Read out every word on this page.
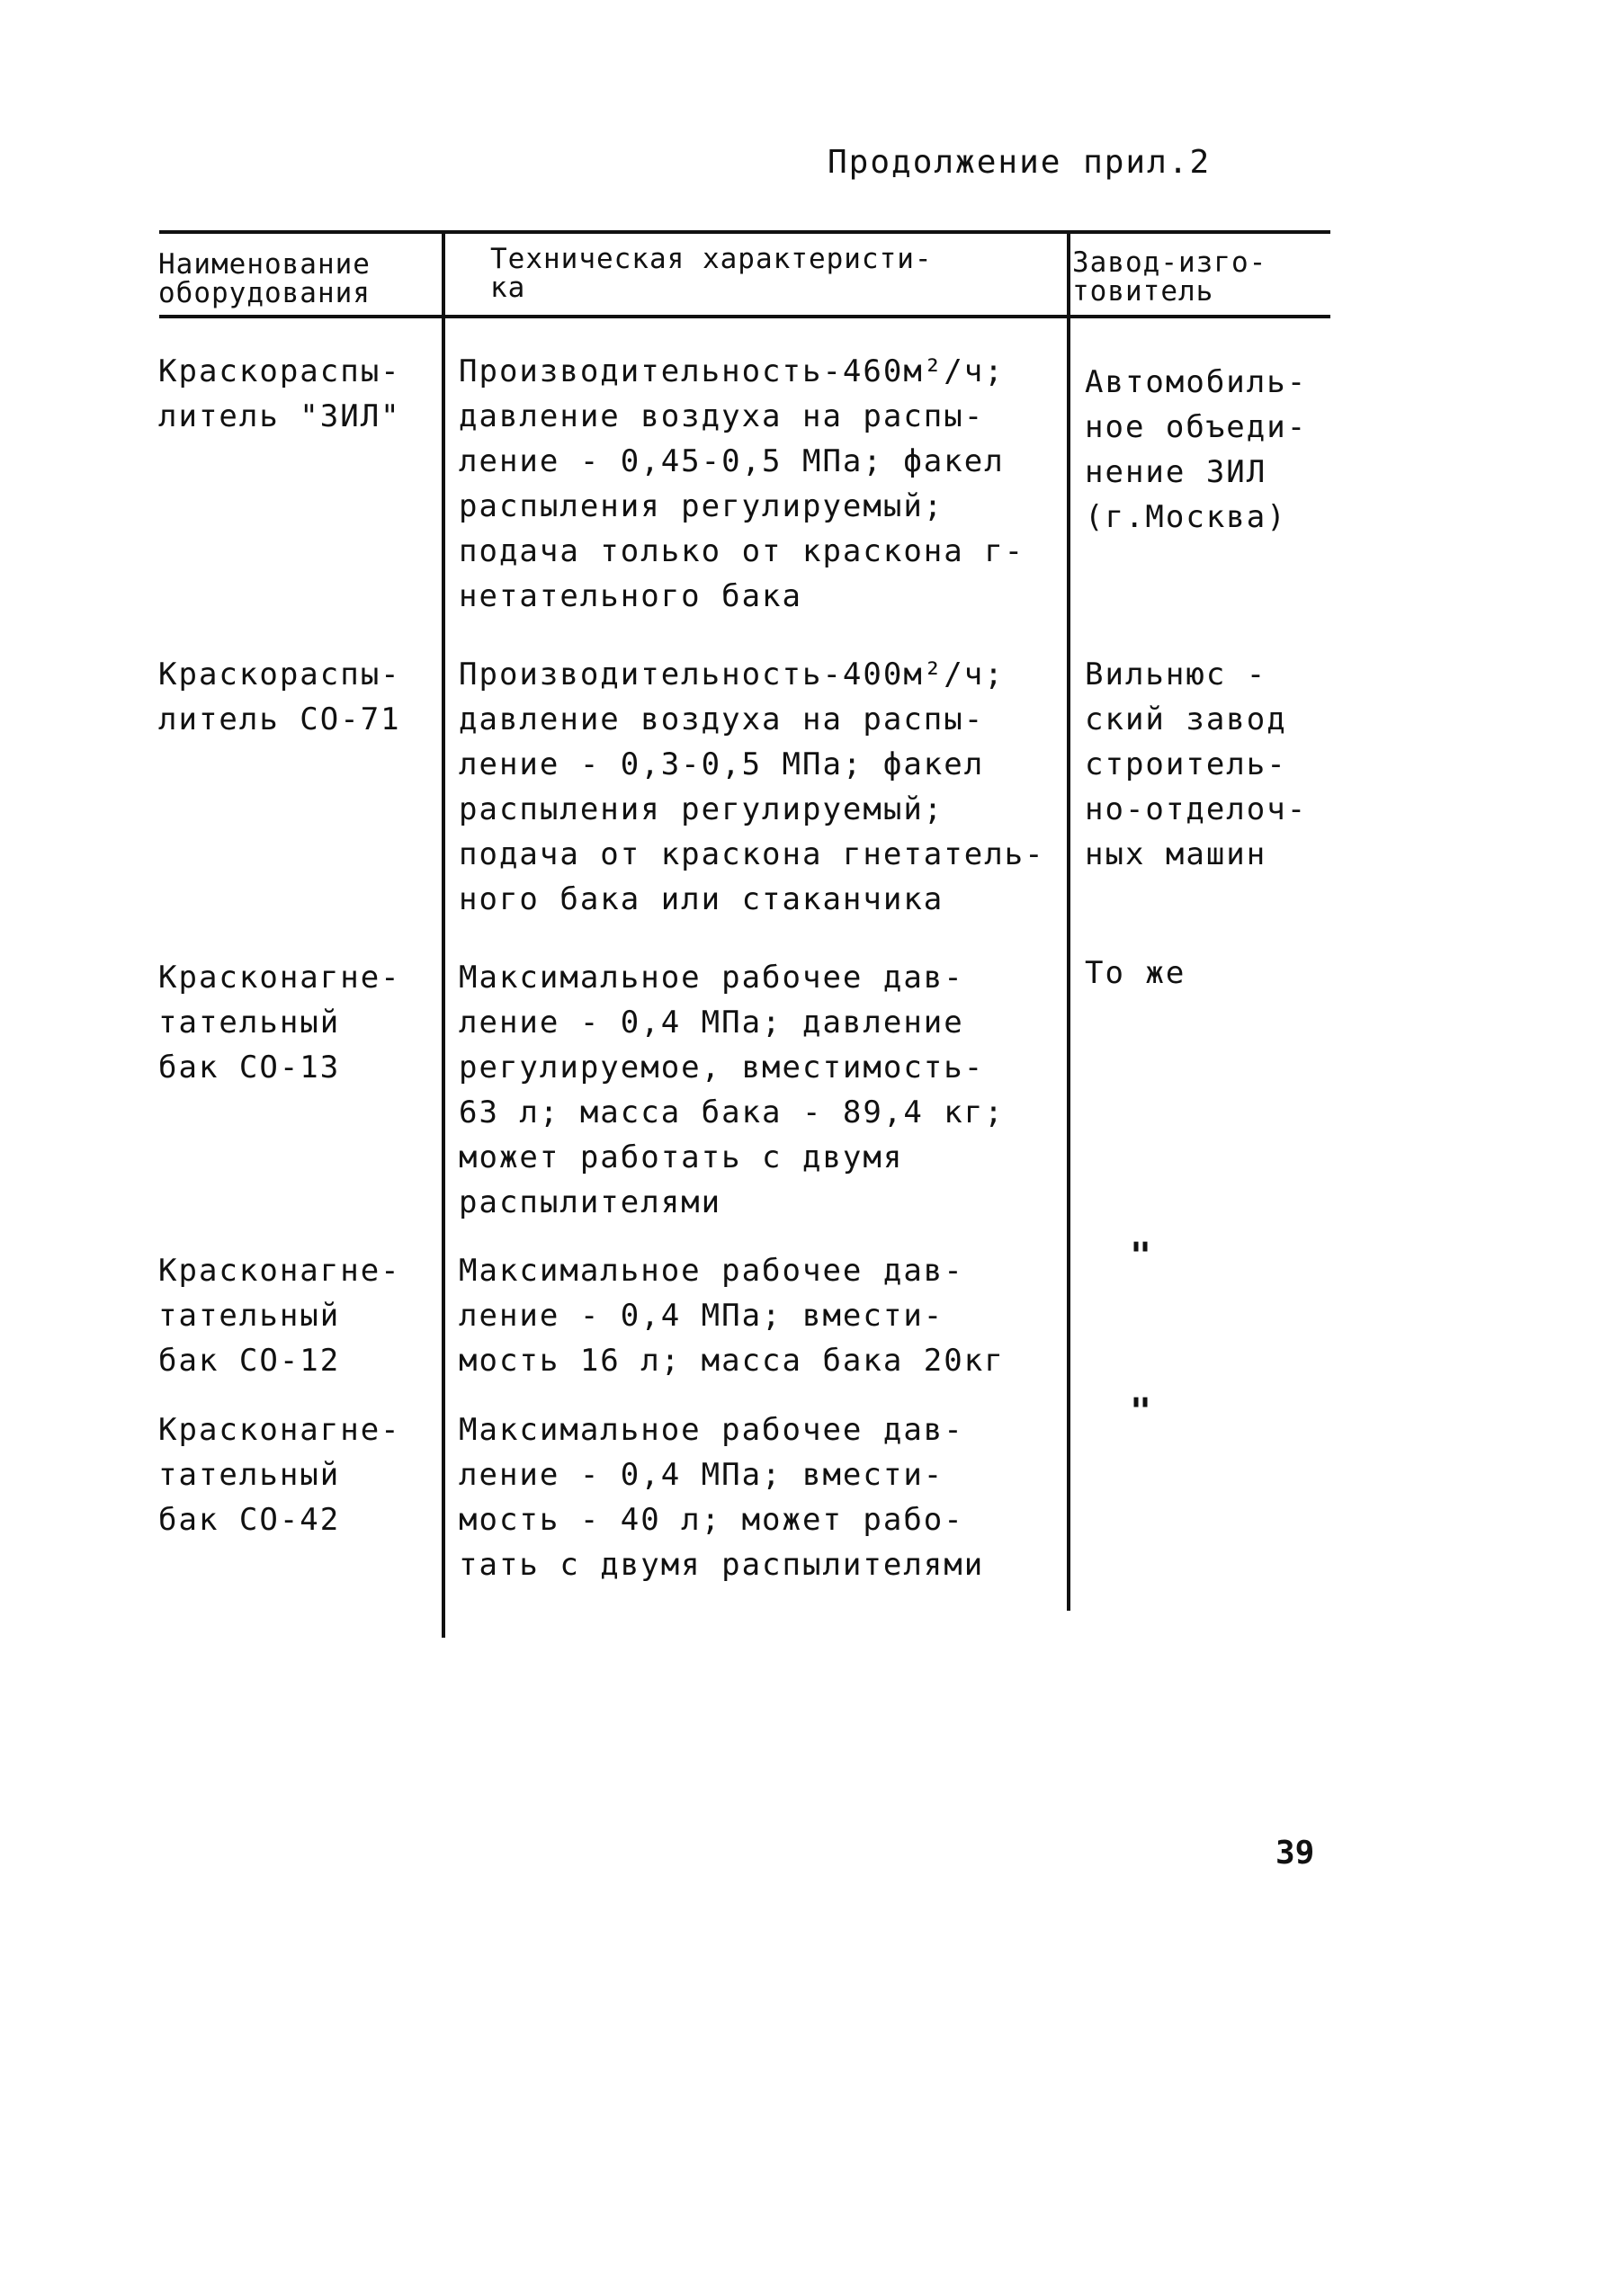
Продолжение прил.2
Наименование
оборудования
Техническая характеристи-
ка
Завод-изго-
товитель
Краскораспы-
литель "ЗИЛ"
Производительность-460м²/ч;
давление воздуха на распы-
ление - 0,45-0,5 МПа; факел
распыления регулируемый;
подача только от краскона г-
нетательного бака
Автомобиль-
ное объеди-
нение ЗИЛ
(г.Москва)
Краскораспы-
литель СО-71
Производительность-400м²/ч;
давление воздуха на распы-
ление - 0,3-0,5 МПа; факел
распыления регулируемый;
подача от краскона гнетатель-
ного бака или стаканчика
Вильнюс -
ский завод
строитель-
но-отделоч-
ных машин
Красконагне-
тательный
бак СО-13
Максимальное рабочее дав-
ление - 0,4 МПа; давление
регулируемое, вместимость-
63 л; масса бака - 89,4 кг;
может работать с двумя
распылителями
То же
Красконагне-
тательный
бак СО-12
Максимальное рабочее дав-
ление - 0,4 МПа; вмести-
мость 16 л; масса бака 20кг
"
Красконагне-
тательный
бак СО-42
Максимальное рабочее дав-
ление - 0,4 МПа; вмести-
мость - 40 л; может рабо-
тать с двумя распылителями
"
39
